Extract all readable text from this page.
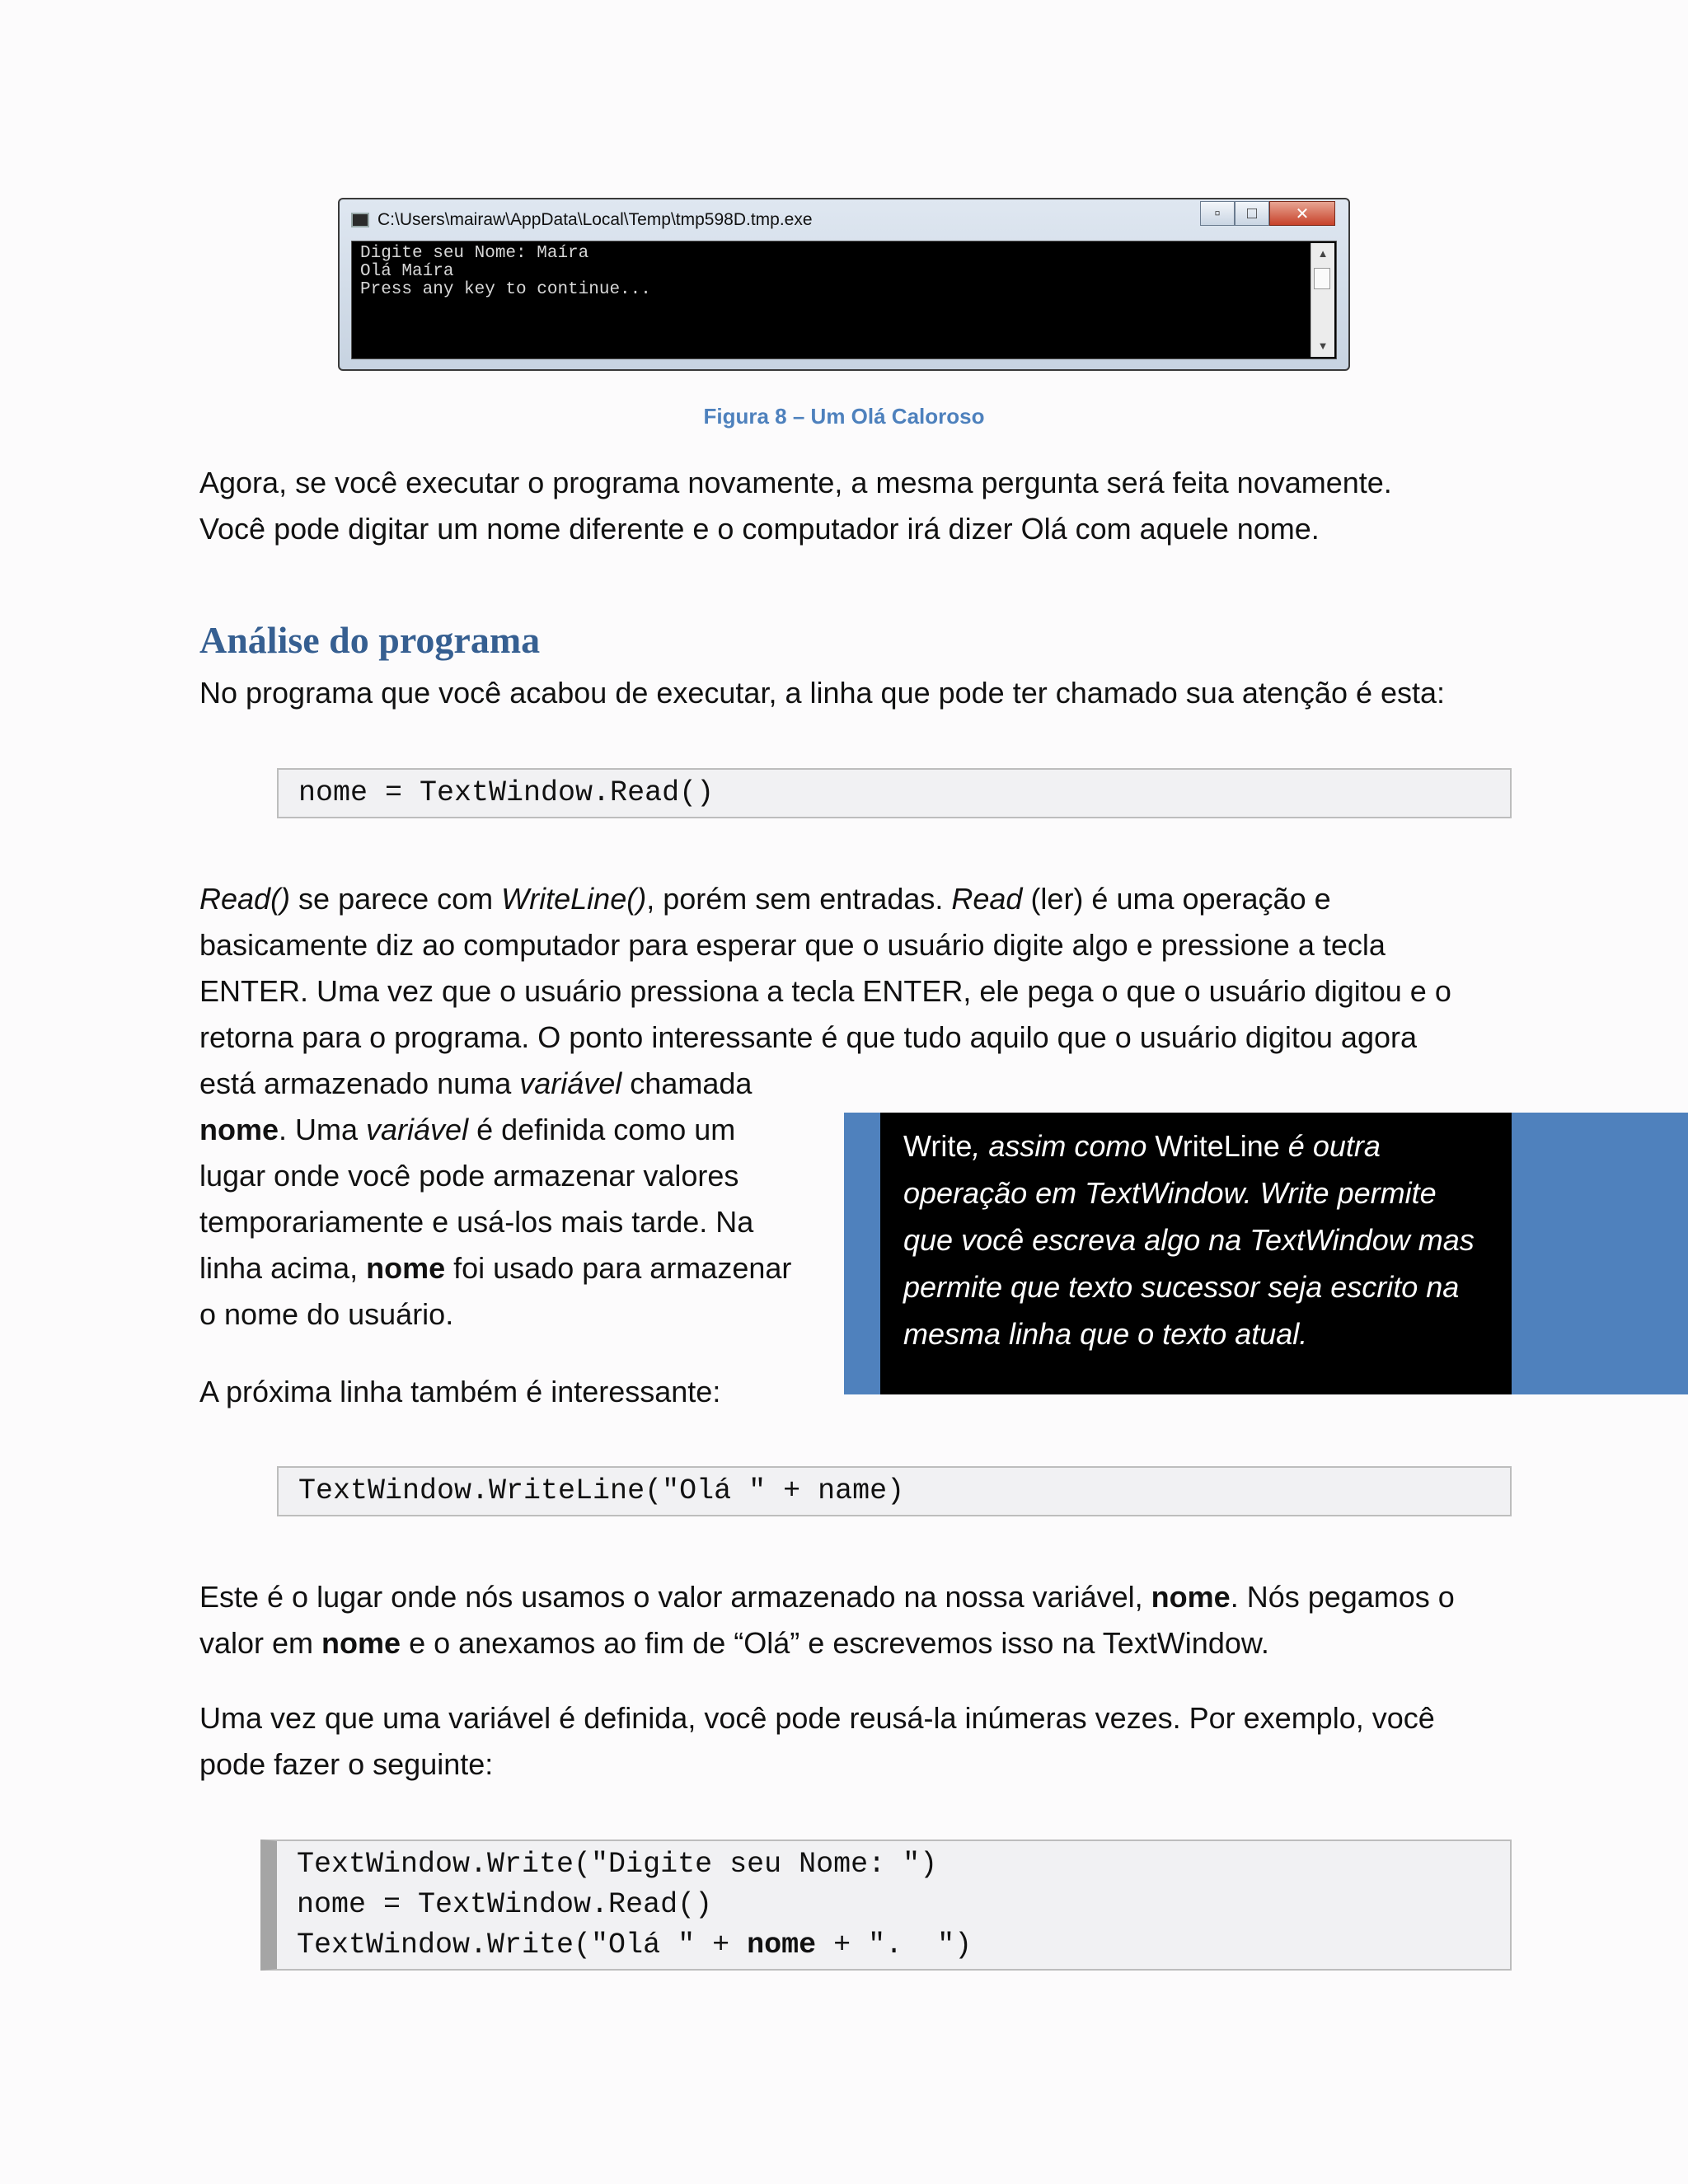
C:\Users\mairaw\AppData\Local\Temp\tmp598D.tmp.exe	▫	□	✕
Digite seu Nome: Maíra
Olá Maíra
Press any key to continue...
▲
▼
Figura 8 – Um Olá Caloroso

Agora, se você executar o programa novamente, a mesma pergunta será feita novamente.
Você pode digitar um nome diferente e o computador irá dizer Olá com aquele nome.

Análise do programa

No programa que você acabou de executar, a linha que pode ter chamado sua atenção é esta:

nome = TextWindow.Read()

Read() se parece com WriteLine(), porém sem entradas. Read (ler) é uma operação e
basicamente diz ao computador para esperar que o usuário digite algo e pressione a tecla
ENTER. Uma vez que o usuário pressiona a tecla ENTER, ele pega o que o usuário digitou e o
retorna para o programa. O ponto interessante é que tudo aquilo que o usuário digitou agora
está armazenado numa variável chamada

nome. Uma variável é definida como um
lugar onde você pode armazenar valores
temporariamente e usá-los mais tarde. Na
linha acima, nome foi usado para armazenar
o nome do usuário.

A próxima linha também é interessante:

Write, assim como WriteLine é outra
operação em TextWindow. Write permite
que você escreva algo na TextWindow mas
permite que texto sucessor seja escrito na
mesma linha que o texto atual.
TextWindow.WriteLine("Olá " + name)

Este é o lugar onde nós usamos o valor armazenado na nossa variável, nome. Nós pegamos o
valor em nome e o anexamos ao fim de “Olá” e escrevemos isso na TextWindow.

Uma vez que uma variável é definida, você pode reusá-la inúmeras vezes. Por exemplo, você
pode fazer o seguinte:

TextWindow.Write("Digite seu Nome: ")
nome = TextWindow.Read()
TextWindow.Write("Olá " + nome + ".  ")
